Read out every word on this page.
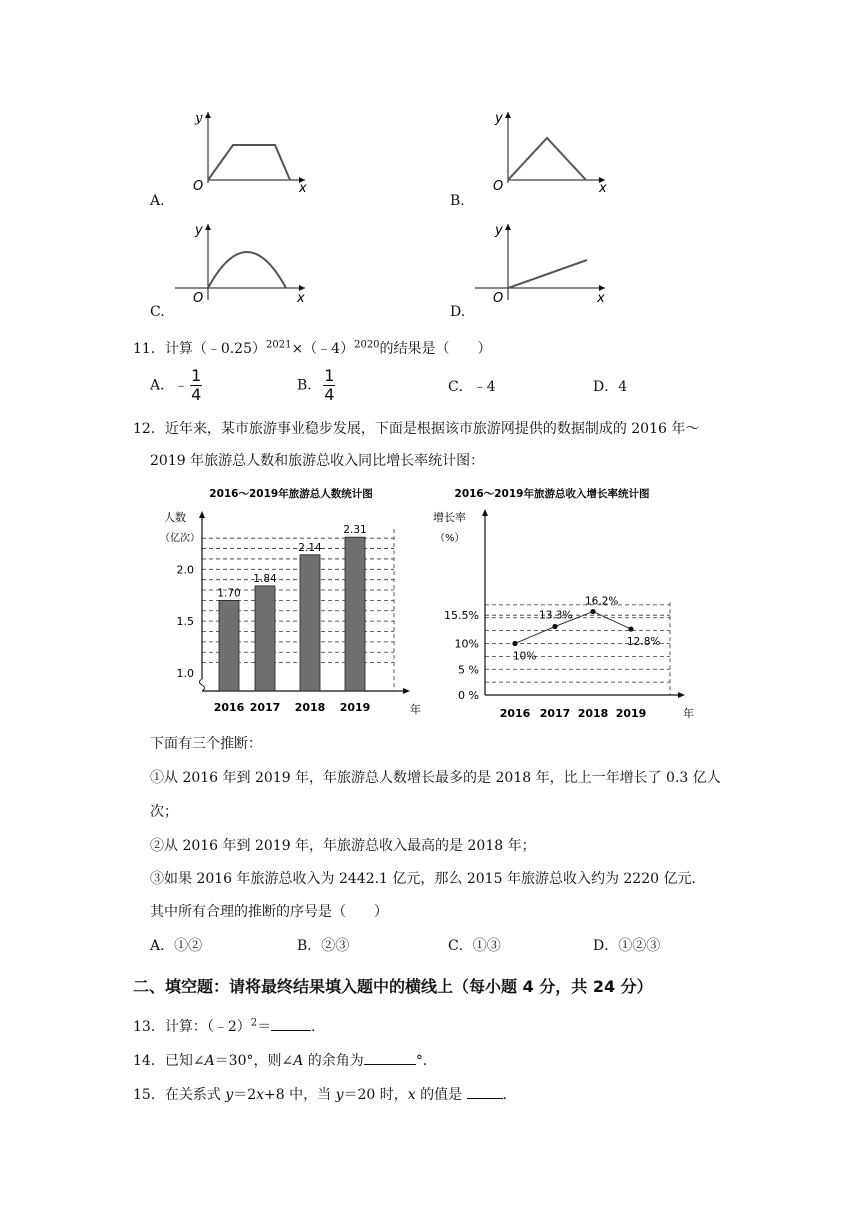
y
x
O
A.
y
x
O
B.
y
x
O
C.
y
x
O
D.
11．计算（﹣0.25）$^{2021}$×（﹣4）$^{2020}$的结果是（　　）
A．﹣ $\frac{1}{4}$	B． $\frac{1}{4}$	C．﹣4	D．4
12．近年来，某市旅游事业稳步发展，下面是根据该市旅游网提供的数据制成的 2016 年～
2019 年旅游总人数和旅游总收入同比增长率统计图：
2016～2019年旅游总人数统计图
人数
（亿次）
1.0
1.5
2.0
1.70
2016
1.84
2017
2.14
2018
2.31
2019	年
2016～2019年旅游总收入增长率统计图
增长率
（%）
0 %
5 %
10%
15.5%
10%
2016
13.3%
2017
16.2%
2018
12.8%
2019	年
下面有三个推断：
①从 2016 年到 2019 年，年旅游总人数增长最多的是 2018 年，比上一年增长了 0.3 亿人
次；
②从 2016 年到 2019 年，年旅游总收入最高的是 2018 年；
③如果 2016 年旅游总收入为 2442.1 亿元，那么 2015 年旅游总收入约为 2220 亿元．
其中所有合理的推断的序号是（　　）
A．①②	B．②③	C．①③	D．①②③
二、填空题：请将最终结果填入题中的横线上（每小题 4 分，共 24 分）
13．计算：（﹣2）$^2$＝	．
14．已知∠A＝30°，则∠A 的余角为	°．
15．在关系式 y＝2x+8 中，当 y＝20 时，x 的值是	．
